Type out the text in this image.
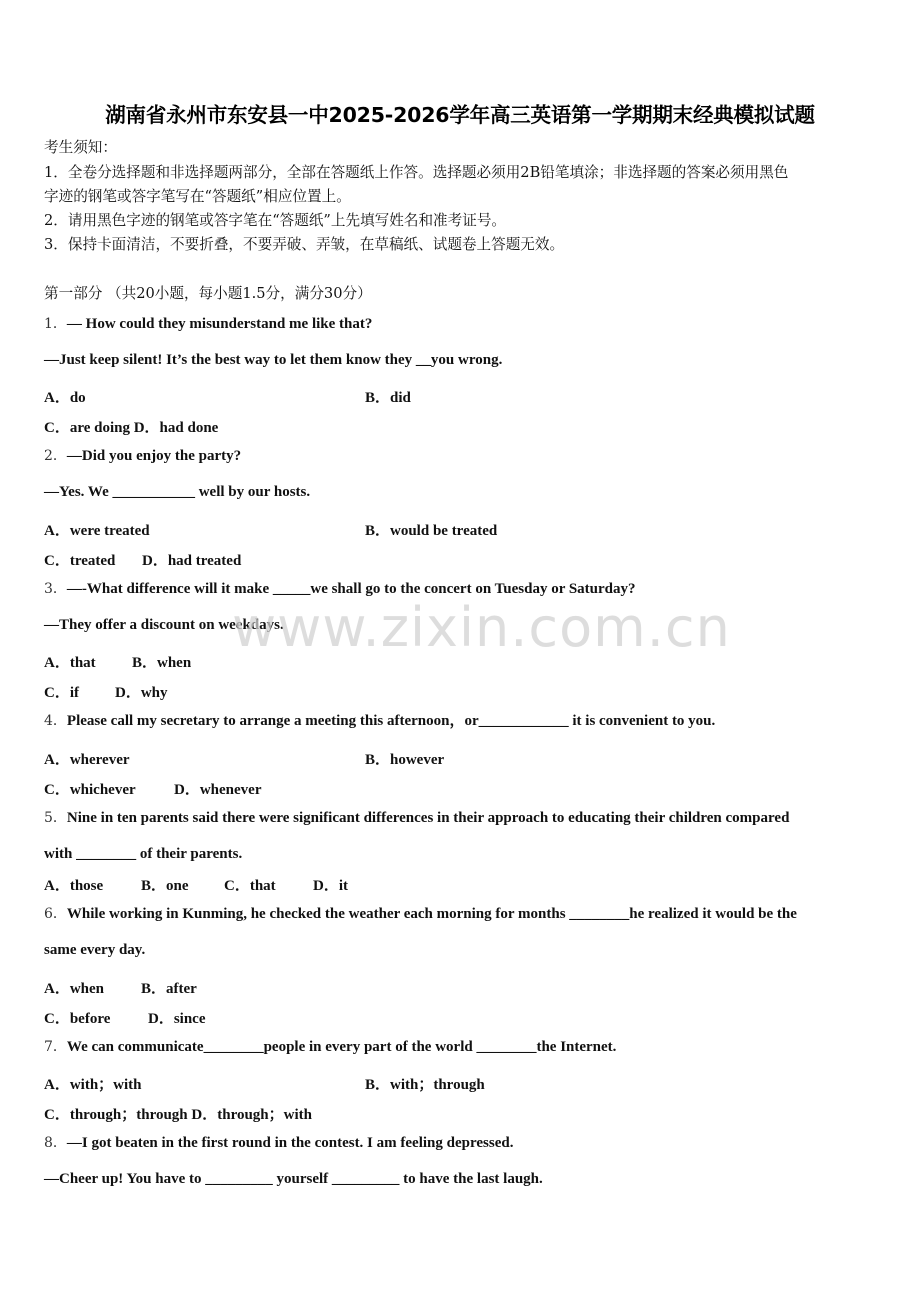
湖南省永州市东安县一中2025-2026学年高三英语第一学期期末经典模拟试题
考生须知：
1．全卷分选择题和非选择题两部分，全部在答题纸上作答。选择题必须用2B铅笔填涂；非选择题的答案必须用黑色
字迹的钢笔或答字笔写在“答题纸”相应位置上。
2．请用黑色字迹的钢笔或答字笔在“答题纸”上先填写姓名和准考证号。
3．保持卡面清洁，不要折叠，不要弄破、弄皱，在草稿纸、试题卷上答题无效。
第一部分 （共20小题，每小题1.5分，满分30分）
1．— How could they misunderstand me like that?
—Just keep silent! It’s the best way to let them know they __you wrong.
A．do	B．did
C．are doing D．had done
2．—Did you enjoy the party?
—Yes. We ___________ well by our hosts.
A．were treated	B．would be treated
C．treated D．had treated
3．—-What difference will it make _____we shall go to the concert on Tuesday or Saturday?
—They offer a discount on weekdays.
A．that B．when
C．if D．why
4．Please call my secretary to arrange a meeting this afternoon，or____________ it is convenient to you.
A．wherever	B．however
C．whichever	D．whenever
5．Nine in ten parents said there were significant differences in their approach to educating their children compared
with ________ of their parents.
A．those	B．one C．that D．it
6．While working in Kunming, he checked the weather each morning for months ________he realized it would be the
same every day.
A．when B．after
C．before	D．since
7．We can communicate________people in every part of the world ________the Internet.
A．with；with	B．with；through
C．through；through D．through；with
8．—I got beaten in the first round in the contest. I am feeling depressed.
—Cheer up! You have to _________ yourself _________ to have the last laugh.
www.zixin.com.cn
